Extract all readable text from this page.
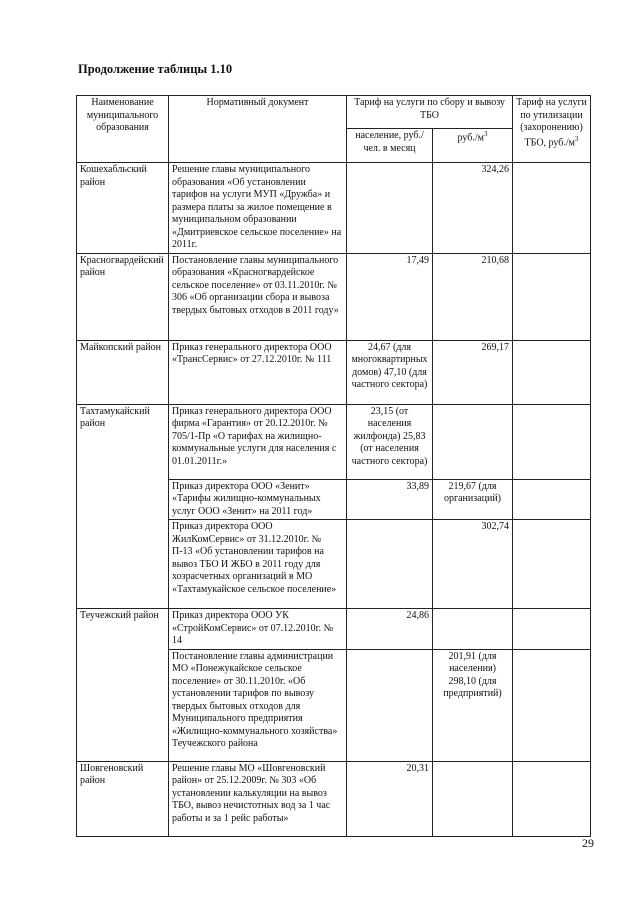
Продолжение таблицы 1.10
Наименование муниципального образования	Нормативный документ	Тариф на услуги по сбору и вывозу ТБО		Тариф на услуги по утилизации (захоронению) ТБО, $руб./м^3$
		население, руб./чел. в месяц	$руб./м^3$
Кошехабльский район	Решение главы муниципального образования «Об установлении тарифов на услуги МУП «Дружба» и размера платы за жилое помещение в муниципальном образовании «Дмитриевское сельское поселение» на 2011г.		324,26	
Красногвардейский район	Постановление главы муниципального образования «Красногвардейское сельское поселение» от 03.11.2010г. № 306 «Об организации сбора и вывоза твердых бытовых отходов в 2011 году»	17,49	210,68	
Майкопский район	Приказ генерального директора ООО «ТрансСервис» от 27.12.2010г. № 111	24,67 (для многоквартирных домов) 47,10 (для частного сектора)	269,17	
Тахтамукайский район	Приказ генерального директора ООО фирма «Гарантия» от 20.12.2010г. № 705/1-Пр «О тарифах на жилищно-коммунальные услуги для населения с 01.01.2011г.»	23,15 (от населения жилфонда) 25,83 (от населения частного сектора)		
	Приказ директора ООО «Зенит» «Тарифы жилищно-коммунальных услуг ООО «Зенит» на 2011 год»	33,89	219,67 (для организаций)	
	Приказ директора ООО ЖилКомСервис» от 31.12.2010г. № П-13 «Об установлении тарифов на вывоз ТБО И ЖБО в 2011 году для хозрасчетных организаций в МО «Тахтамукайское сельское поселение»		302,74	
Теучежский район	Приказ директора ООО УК «СтройКомСервис» от 07.12.2010г. № 14	24,86		
	Постановление главы администрации МО «Понежукайское сельское поселение» от 30.11.2010г. «Об установлении тарифов по вывозу твердых бытовых отходов для Муниципального предприятия «Жилищно-коммунального хозяйства» Теучежского района		201,91 (для населения) 298,10 (для предприятий)	
Шовгеновский район	Решение главы МО «Шовгеновский район» от 25.12.2009г. № 303 «Об установлении калькуляции на вывоз ТБО, вывоз нечистотных вод за 1 час работы и за 1 рейс работы»	20,31		
29
